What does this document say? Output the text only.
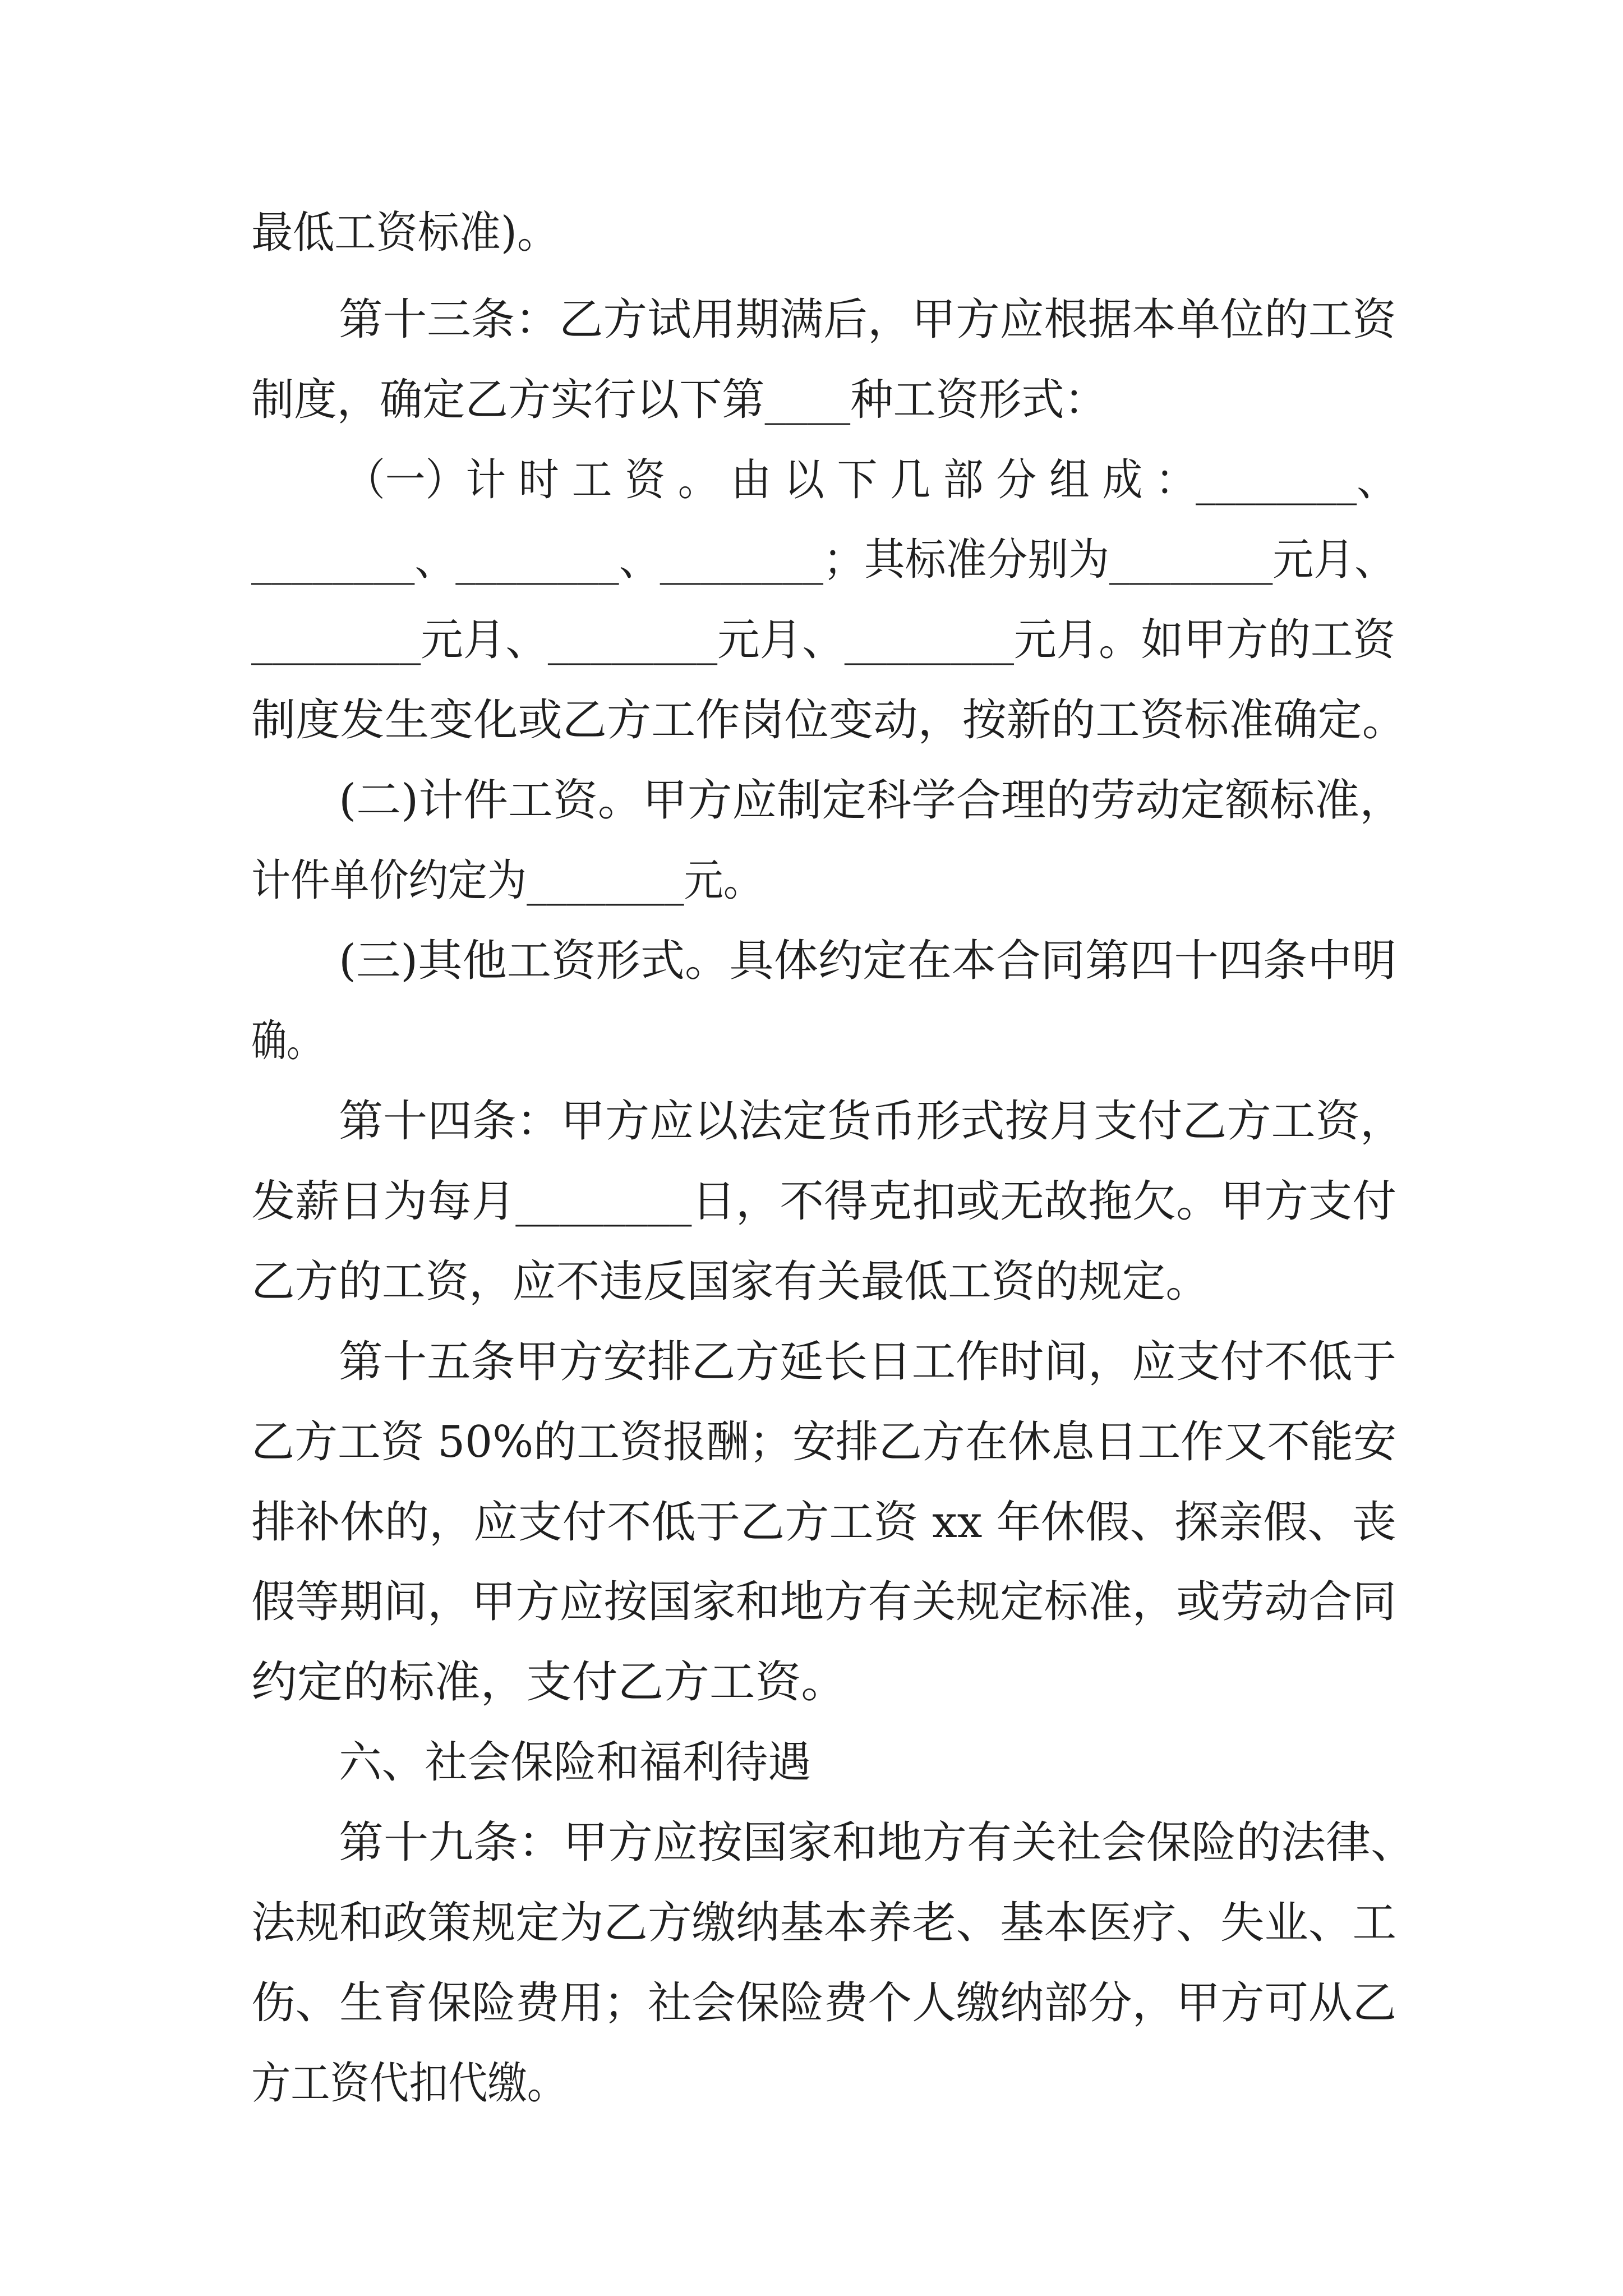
最低工资标准)。
第十三条：乙方试用期满后，甲方应根据本单位的工资
制度，确定乙方实行以下第____种工资形式：
（一）计 时 工 资 。 由 以 下 几 部 分 组 成 ：________、
________、________、________；其标准分别为________元月、
________元月、________元月、________元月。如甲方的工资
制度发生变化或乙方工作岗位变动，按新的工资标准确定。
(二)计件工资。甲方应制定科学合理的劳动定额标准，
计件单价约定为________元。
(三)其他工资形式。具体约定在本合同第四十四条中明
确。
第十四条：甲方应以法定货币形式按月支付乙方工资，
发薪日为每月________日，不得克扣或无故拖欠。甲方支付
乙方的工资，应不违反国家有关最低工资的规定。
第十五条甲方安排乙方延长日工作时间，应支付不低于
乙方工资 50%的工资报酬；安排乙方在休息日工作又不能安
排补休的，应支付不低于乙方工资 xx 年休假、探亲假、丧
假等期间，甲方应按国家和地方有关规定标准，或劳动合同
约定的标准，支付乙方工资。
六、社会保险和福利待遇
第十九条：甲方应按国家和地方有关社会保险的法律、
法规和政策规定为乙方缴纳基本养老、基本医疗、失业、工
伤、生育保险费用；社会保险费个人缴纳部分，甲方可从乙
方工资代扣代缴。
